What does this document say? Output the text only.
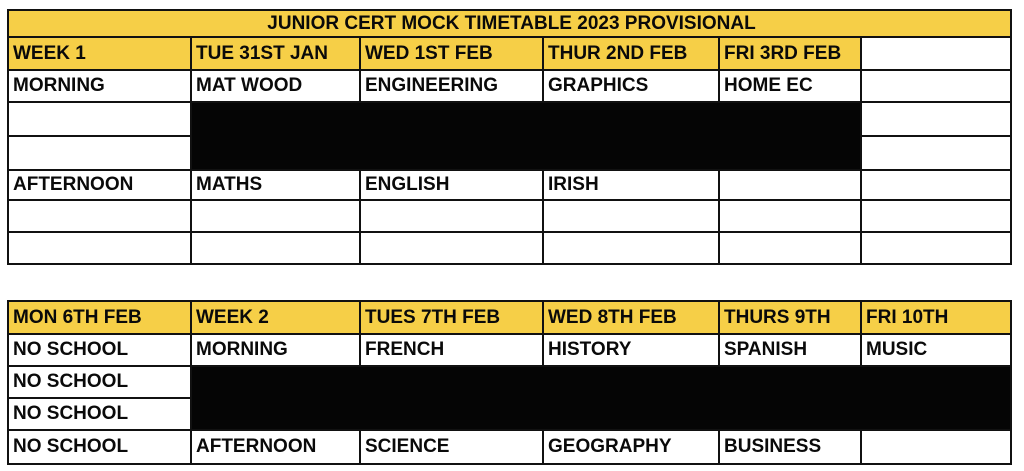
JUNIOR CERT MOCK TIMETABLE 2023 PROVISIONAL					
WEEK 1	TUE 31ST JAN	WED 1ST FEB	THUR 2ND FEB	FRI 3RD FEB	
MORNING	MAT WOOD	ENGINEERING	GRAPHICS	HOME EC	

AFTERNOON	MATHS	ENGLISH	IRISH		

MON 6TH FEB	WEEK 2	TUES 7TH FEB	WED 8TH FEB	THURS 9TH	FRI 10TH
NO SCHOOL	MORNING	FRENCH	HISTORY	SPANISH	MUSIC
NO SCHOOL					
NO SCHOOL					
NO SCHOOL	AFTERNOON	SCIENCE	GEOGRAPHY	BUSINESS	
